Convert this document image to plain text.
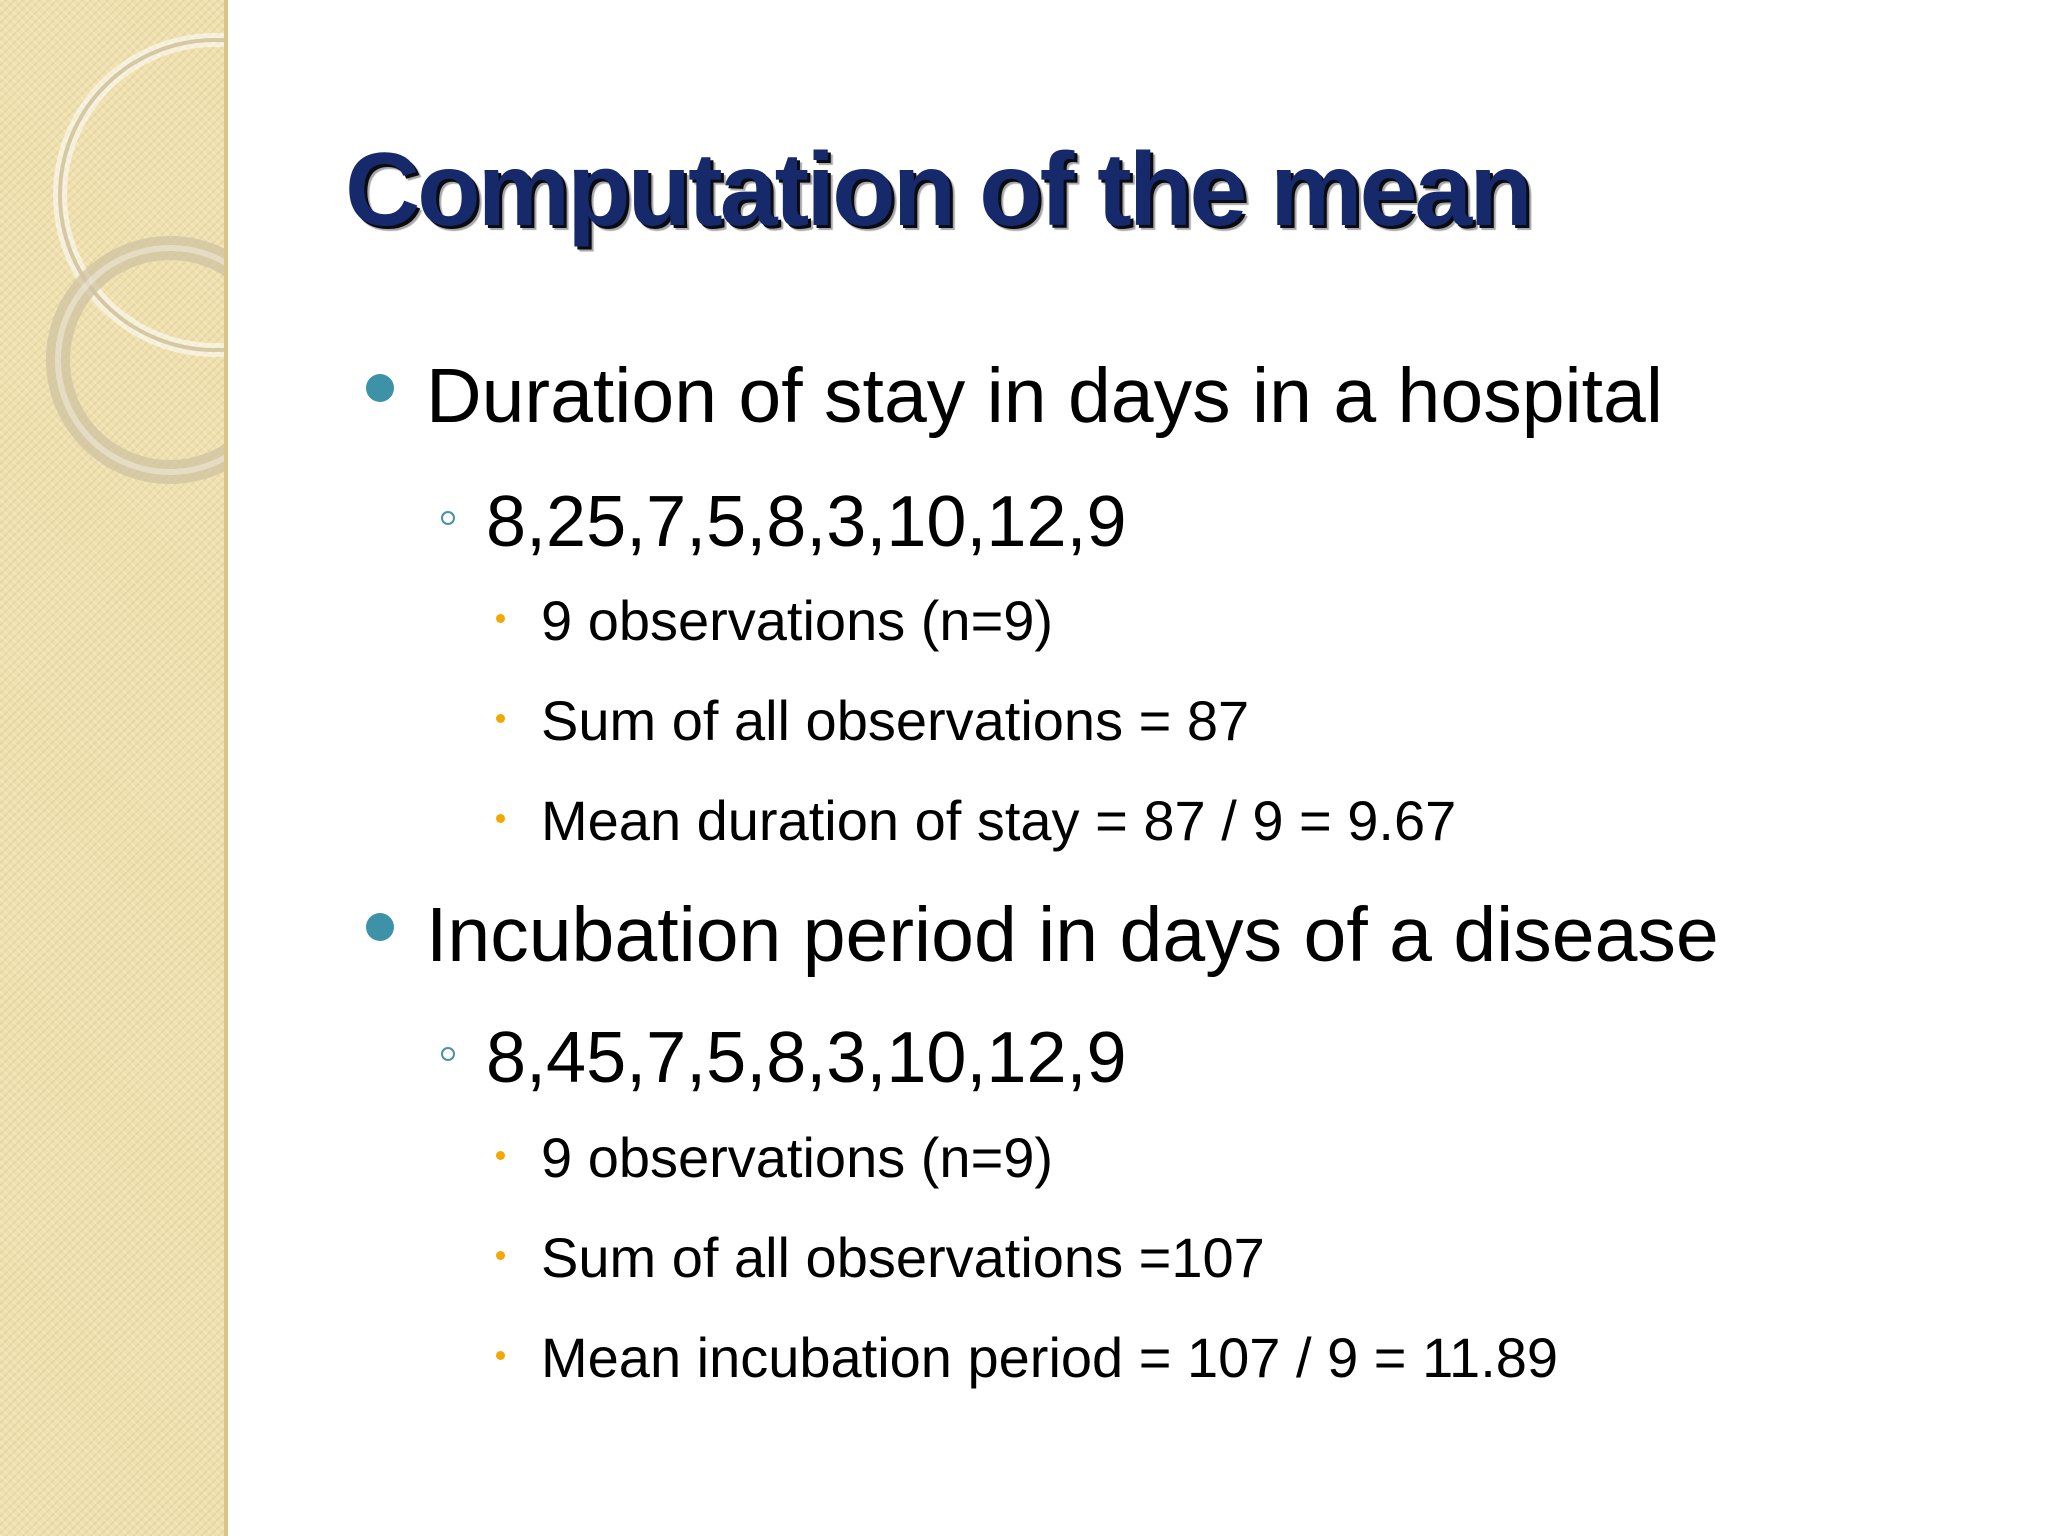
Computation of the mean
Duration of stay in days in a hospital
8,25,7,5,8,3,10,12,9
9 observations (n=9)
Sum of all observations = 87
Mean duration of stay = 87 / 9 = 9.67
Incubation period in days of a disease
8,45,7,5,8,3,10,12,9
9 observations (n=9)
Sum of all observations =107
Mean incubation period = 107 / 9 = 11.89
